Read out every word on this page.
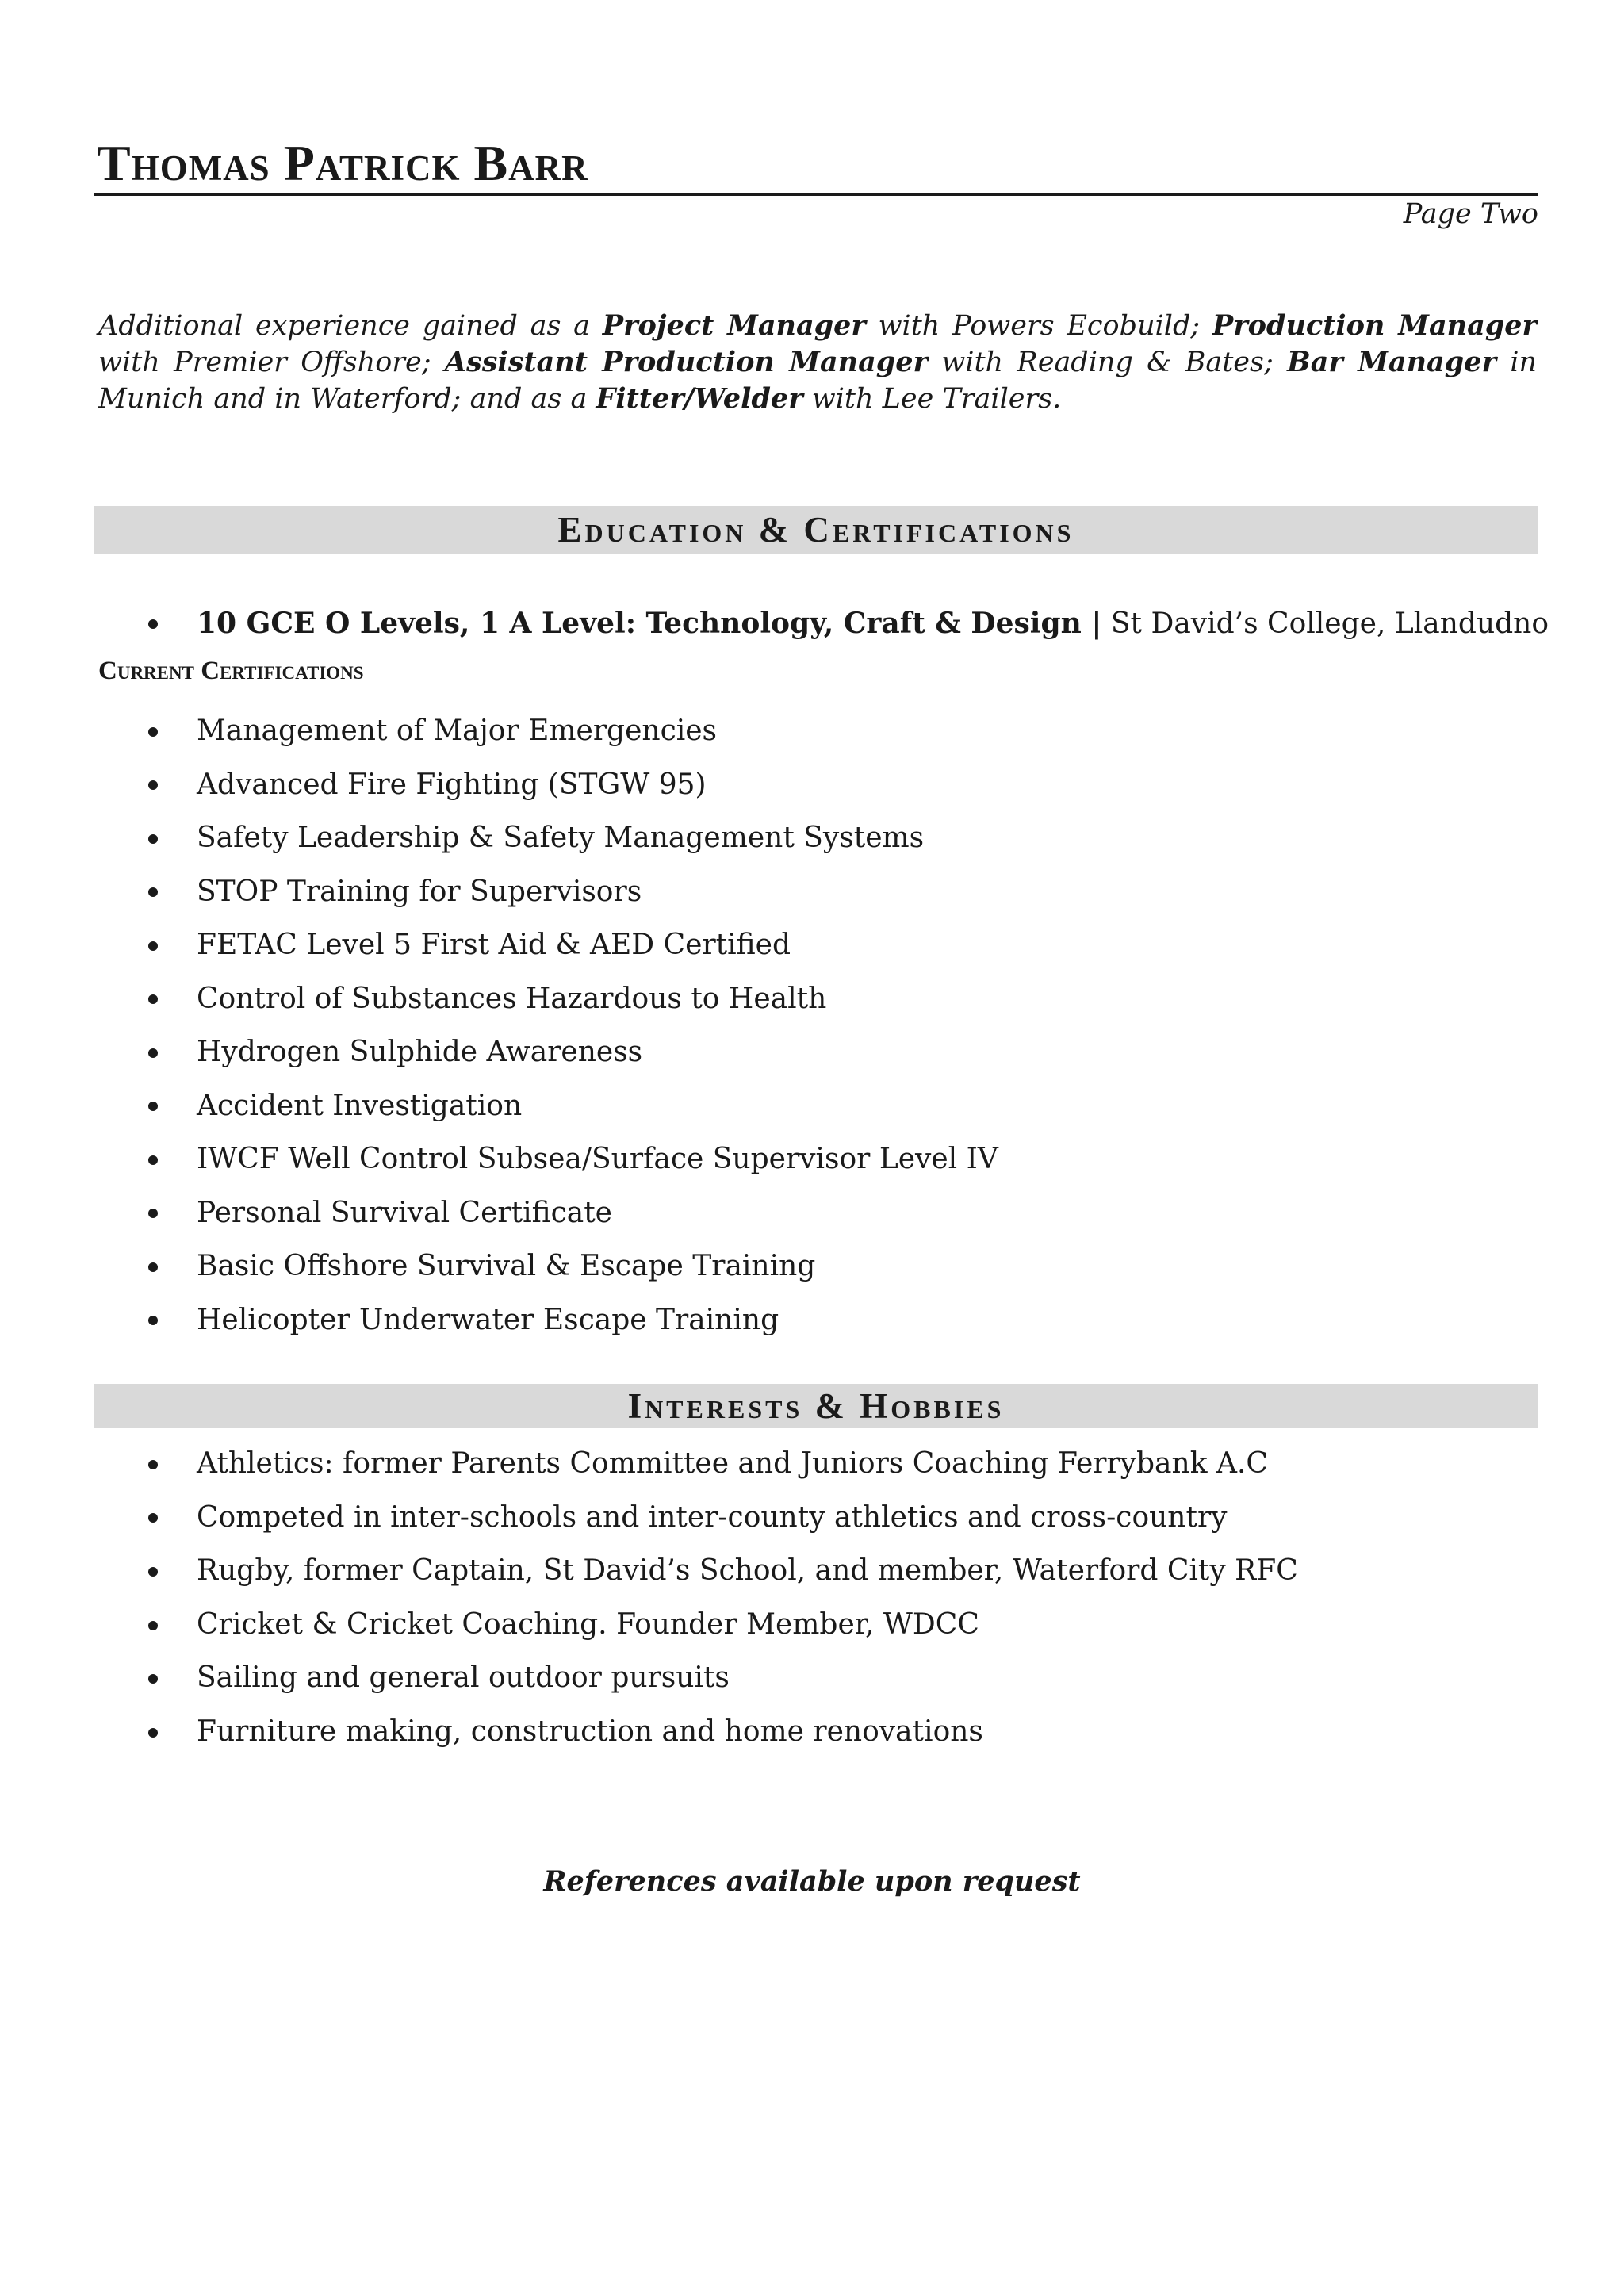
Thomas Patrick Barr
Page Two

Additional experience gained as a Project Manager with Powers Ecobuild; Production Manager with Premier Offshore; Assistant Production Manager with Reading & Bates; Bar Manager in Munich and in Waterford; and as a Fitter/Welder with Lee Trailers.

Education & Certifications
10 GCE O Levels, 1 A Level: Technology, Craft & Design | St David’s College, Llandudno
Current Certifications
Management of Major Emergencies
Advanced Fire Fighting (STGW 95)
Safety Leadership & Safety Management Systems
STOP Training for Supervisors
FETAC Level 5 First Aid & AED Certified
Control of Substances Hazardous to Health
Hydrogen Sulphide Awareness
Accident Investigation
IWCF Well Control Subsea/Surface Supervisor Level IV
Personal Survival Certificate
Basic Offshore Survival & Escape Training
Helicopter Underwater Escape Training
Interests & Hobbies
Athletics: former Parents Committee and Juniors Coaching Ferrybank A.C
Competed in inter-schools and inter-county athletics and cross-country
Rugby, former Captain, St David’s School, and member, Waterford City RFC
Cricket & Cricket Coaching. Founder Member, WDCC
Sailing and general outdoor pursuits
Furniture making, construction and home renovations
References available upon request
